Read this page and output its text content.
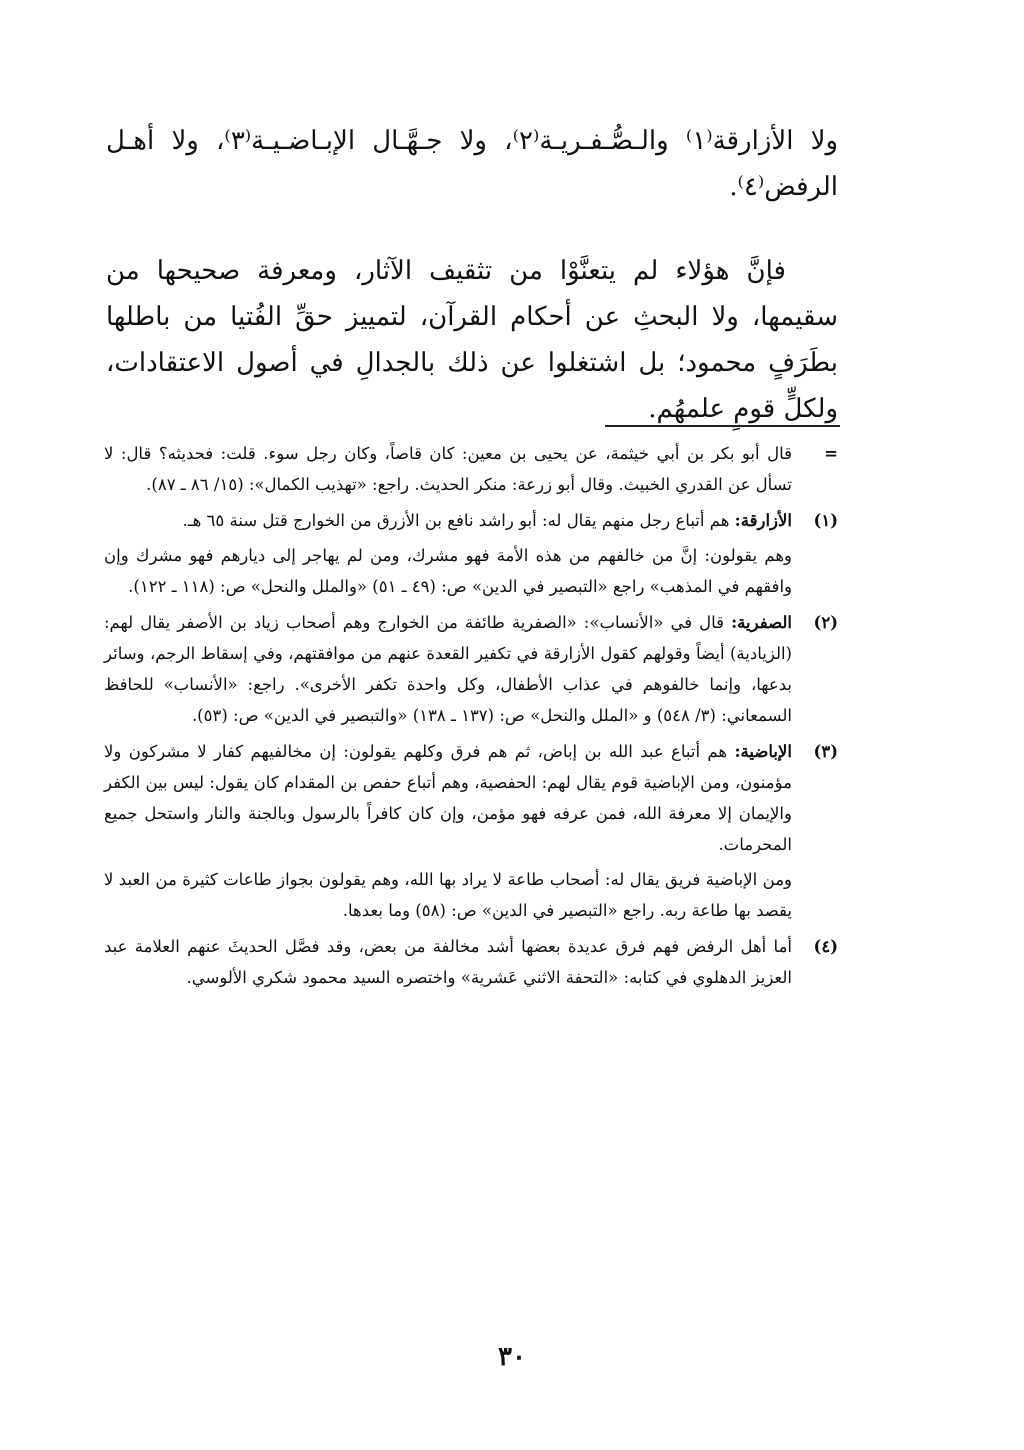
ولا الأزارقة⁽١⁾ والـصُّـفـريـة⁽٢⁾، ولا جـهَّـال الإبـاضـيـة⁽٣⁾، ولا أهـل الرفض⁽٤⁾.

فإنَّ هؤلاء لم يتعنَّوْا من تثقيف الآثار، ومعرفة صحيحها من سقيمها، ولا البحثِ عن أحكام القرآن، لتمييز حقِّ الفُتيا من باطلها بطَرَفٍ محمود؛ بل اشتغلوا عن ذلك بالجدالِ في أصول الاعتقادات، ولكلٍّ قومٍ علمهُم.

=

قال أبو بكر بن أبي خيثمة، عن يحيى بن معين: كان قاصاً، وكان رجل سوء. قلت: فحديثه؟ قال: لا تسأل عن القدري الخبيث. وقال أبو زرعة: منكر الحديث. راجع: «تهذيب الكمال»: (١٥/ ٨٦ ـ ٨٧).

(١)

الأزارقة: هم أتباع رجل منهم يقال له: أبو راشد نافع بن الأزرق من الخوارج قتل سنة ٦٥ هـ.

وهم يقولون: إنَّ من خالفهم من هذه الأمة فهو مشرك، ومن لم يهاجر إلى ديارهم فهو مشرك وإن وافقهم في المذهب» راجع «التبصير في الدين» ص: (٤٩ ـ ٥١) «والملل والنحل» ص: (١١٨ ـ ١٢٢).

(٢)

الصفرية: قال في «الأنساب»: «الصفرية طائفة من الخوارج وهم أصحاب زياد بن الأصفر يقال لهم: (الزيادية) أيضاً وقولهم كقول الأزارقة في تكفير القعدة عنهم من موافقتهم، وفي إسقاط الرجم، وسائر بدعها، وإنما خالفوهم في عذاب الأطفال، وكل واحدة تكفر الأخرى». راجع: «الأنساب» للحافظ السمعاني: (٣/ ٥٤٨) و «الملل والنحل» ص: (١٣٧ ـ ١٣٨) «والتبصير في الدين» ص: (٥٣).

(٣)

الإباضية: هم أتباع عبد الله بن إباض، ثم هم فرق وكلهم يقولون: إن مخالفيهم كفار لا مشركون ولا مؤمنون، ومن الإباضية قوم يقال لهم: الحفصية، وهم أتباع حفص بن المقدام كان يقول: ليس بين الكفر والإيمان إلا معرفة الله، فمن عرفه فهو مؤمن، وإن كان كافراً بالرسول وبالجنة والنار واستحل جميع المحرمات.

ومن الإباضية فريق يقال له: أصحاب طاعة لا يراد بها الله، وهم يقولون بجواز طاعات كثيرة من العبد لا يقصد بها طاعة ربه. راجع «التبصير في الدين» ص: (٥٨) وما بعدها.

(٤)

أما أهل الرفض فهم فرق عديدة بعضها أشد مخالفة من بعض، وقد فصَّل الحديثَ عنهم العلامة عبد العزيز الدهلوي في كتابه: «التحفة الاثني عَشرية» واختصره السيد محمود شكري الألوسي.

٣٠
